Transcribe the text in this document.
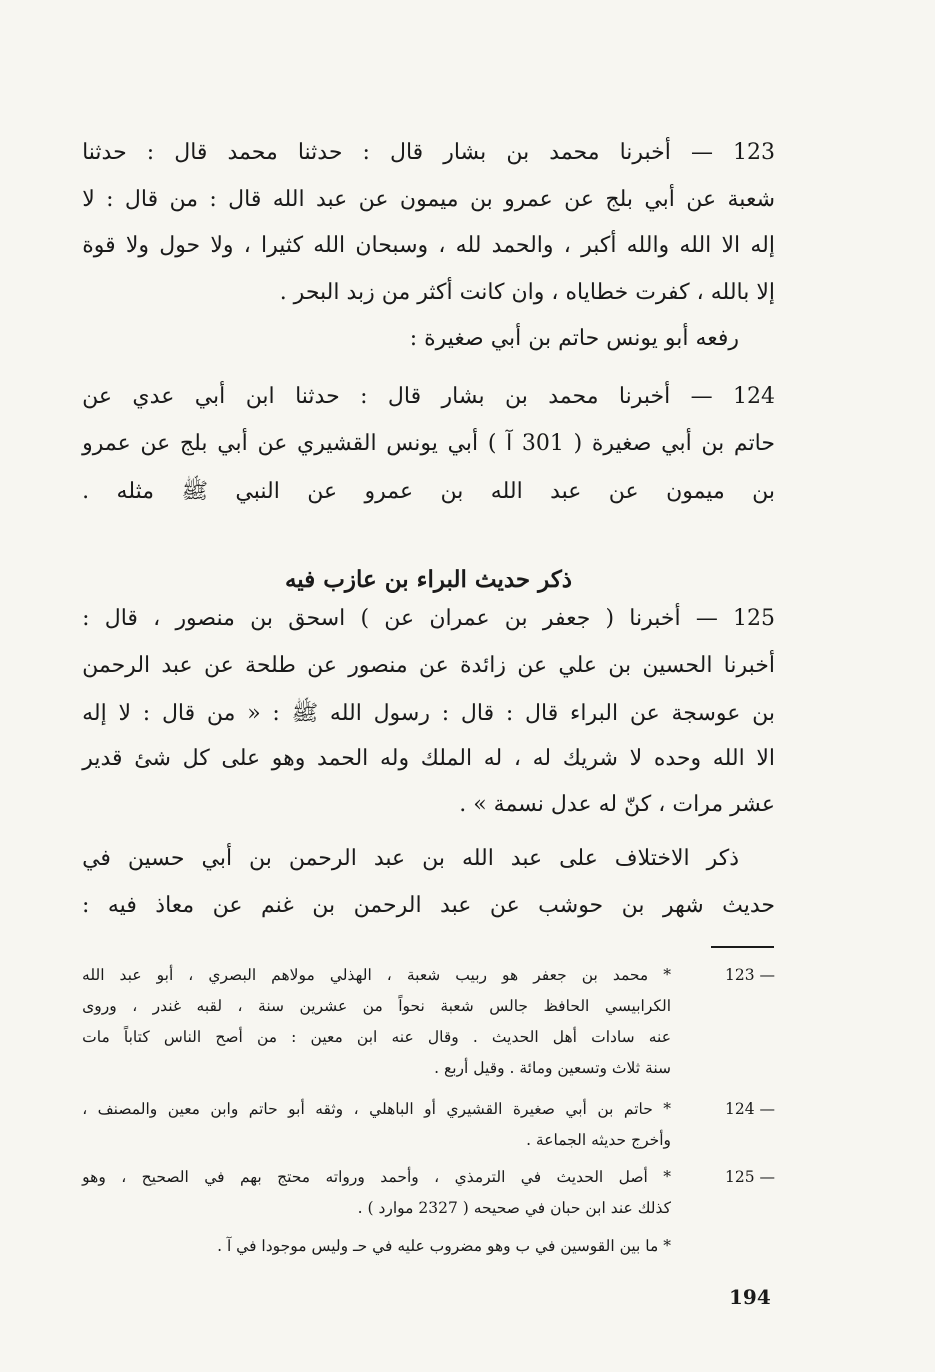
123
—
أخبرنا
محمد
بن
بشار
قال
:
حدثنا
محمد
قال
:
حدثنا
شعبة
عن
أبي
بلج
عن
عمرو
بن
ميمون
عن
عبد
الله
قال
:
من
قال
:
لا
إله
الا
الله
والله
أكبر
،
والحمد
لله
،
وسبحان
الله
كثيرا
،
ولا
حول
ولا
قوة
إلا بالله ، كفرت خطاياه ، وان كانت أكثر من زبد البحر .
رفعه أبو يونس حاتم بن أبي صغيرة :
124
—
أخبرنا
محمد
بن
بشار
قال
:
حدثنا
ابن
أبي
عدي
عن
حاتم
بن
أبي
صغيرة
(
301
آ
)
أبي
يونس
القشيري
عن
أبي
بلج
عن
عمرو
بن
ميمون
عن
عبد
الله
بن
عمرو
عن
النبي
ﷺ
مثله
.
ذكر حديث البراء بن عازب فيه
125
—
أخبرنا
(
جعفر
بن
عمران
عن
)
اسحق
بن
منصور
،
قال
:
أخبرنا
الحسين
بن
علي
عن
زائدة
عن
منصور
عن
طلحة
عن
عبد
الرحمن
بن
عوسجة
عن
البراء
قال
:
قال
:
رسول
الله
ﷺ
:
«
من
قال
:
لا
إله
الا
الله
وحده
لا
شريك
له
،
له
الملك
وله
الحمد
وهو
على
كل
شئ
قدير
عشر مرات ، كنّ له عدل نسمة » .
ذكر
الاختلاف
على
عبد
الله
بن
عبد
الرحمن
بن
أبي
حسين
في
حديث
شهر
بن
حوشب
عن
عبد
الرحمن
بن
غنم
عن
معاذ
فيه
:
123 —
*
محمد
بن
جعفر
هو
ربيب
شعبة
،
الهذلي
مولاهم
البصري
،
أبو
عبد
الله
الكرابيسي
الحافظ
جالس
شعبة
نحواً
من
عشرين
سنة
،
لقبه
غندر
،
وروى
عنه
سادات
أهل
الحديث
.
وقال
عنه
ابن
معين
:
من
أصح
الناس
كتاباً
مات
سنة ثلاث وتسعين ومائة . وقيل أربع .
124 —
*
حاتم
بن
أبي
صغيرة
القشيري
أو
الباهلي
،
وثقه
أبو
حاتم
وابن
معين
والمصنف
،
وأخرج حديثه الجماعة .
125 —
*
أصل
الحديث
في
الترمذي
،
وأحمد
ورواته
محتج
بهم
في
الصحيح
،
وهو
كذلك عند ابن حبان في صحيحه ( 2327 موارد ) .
* ما بين القوسين في ب وهو مضروب عليه في حـ وليس موجودا في آ .
194
